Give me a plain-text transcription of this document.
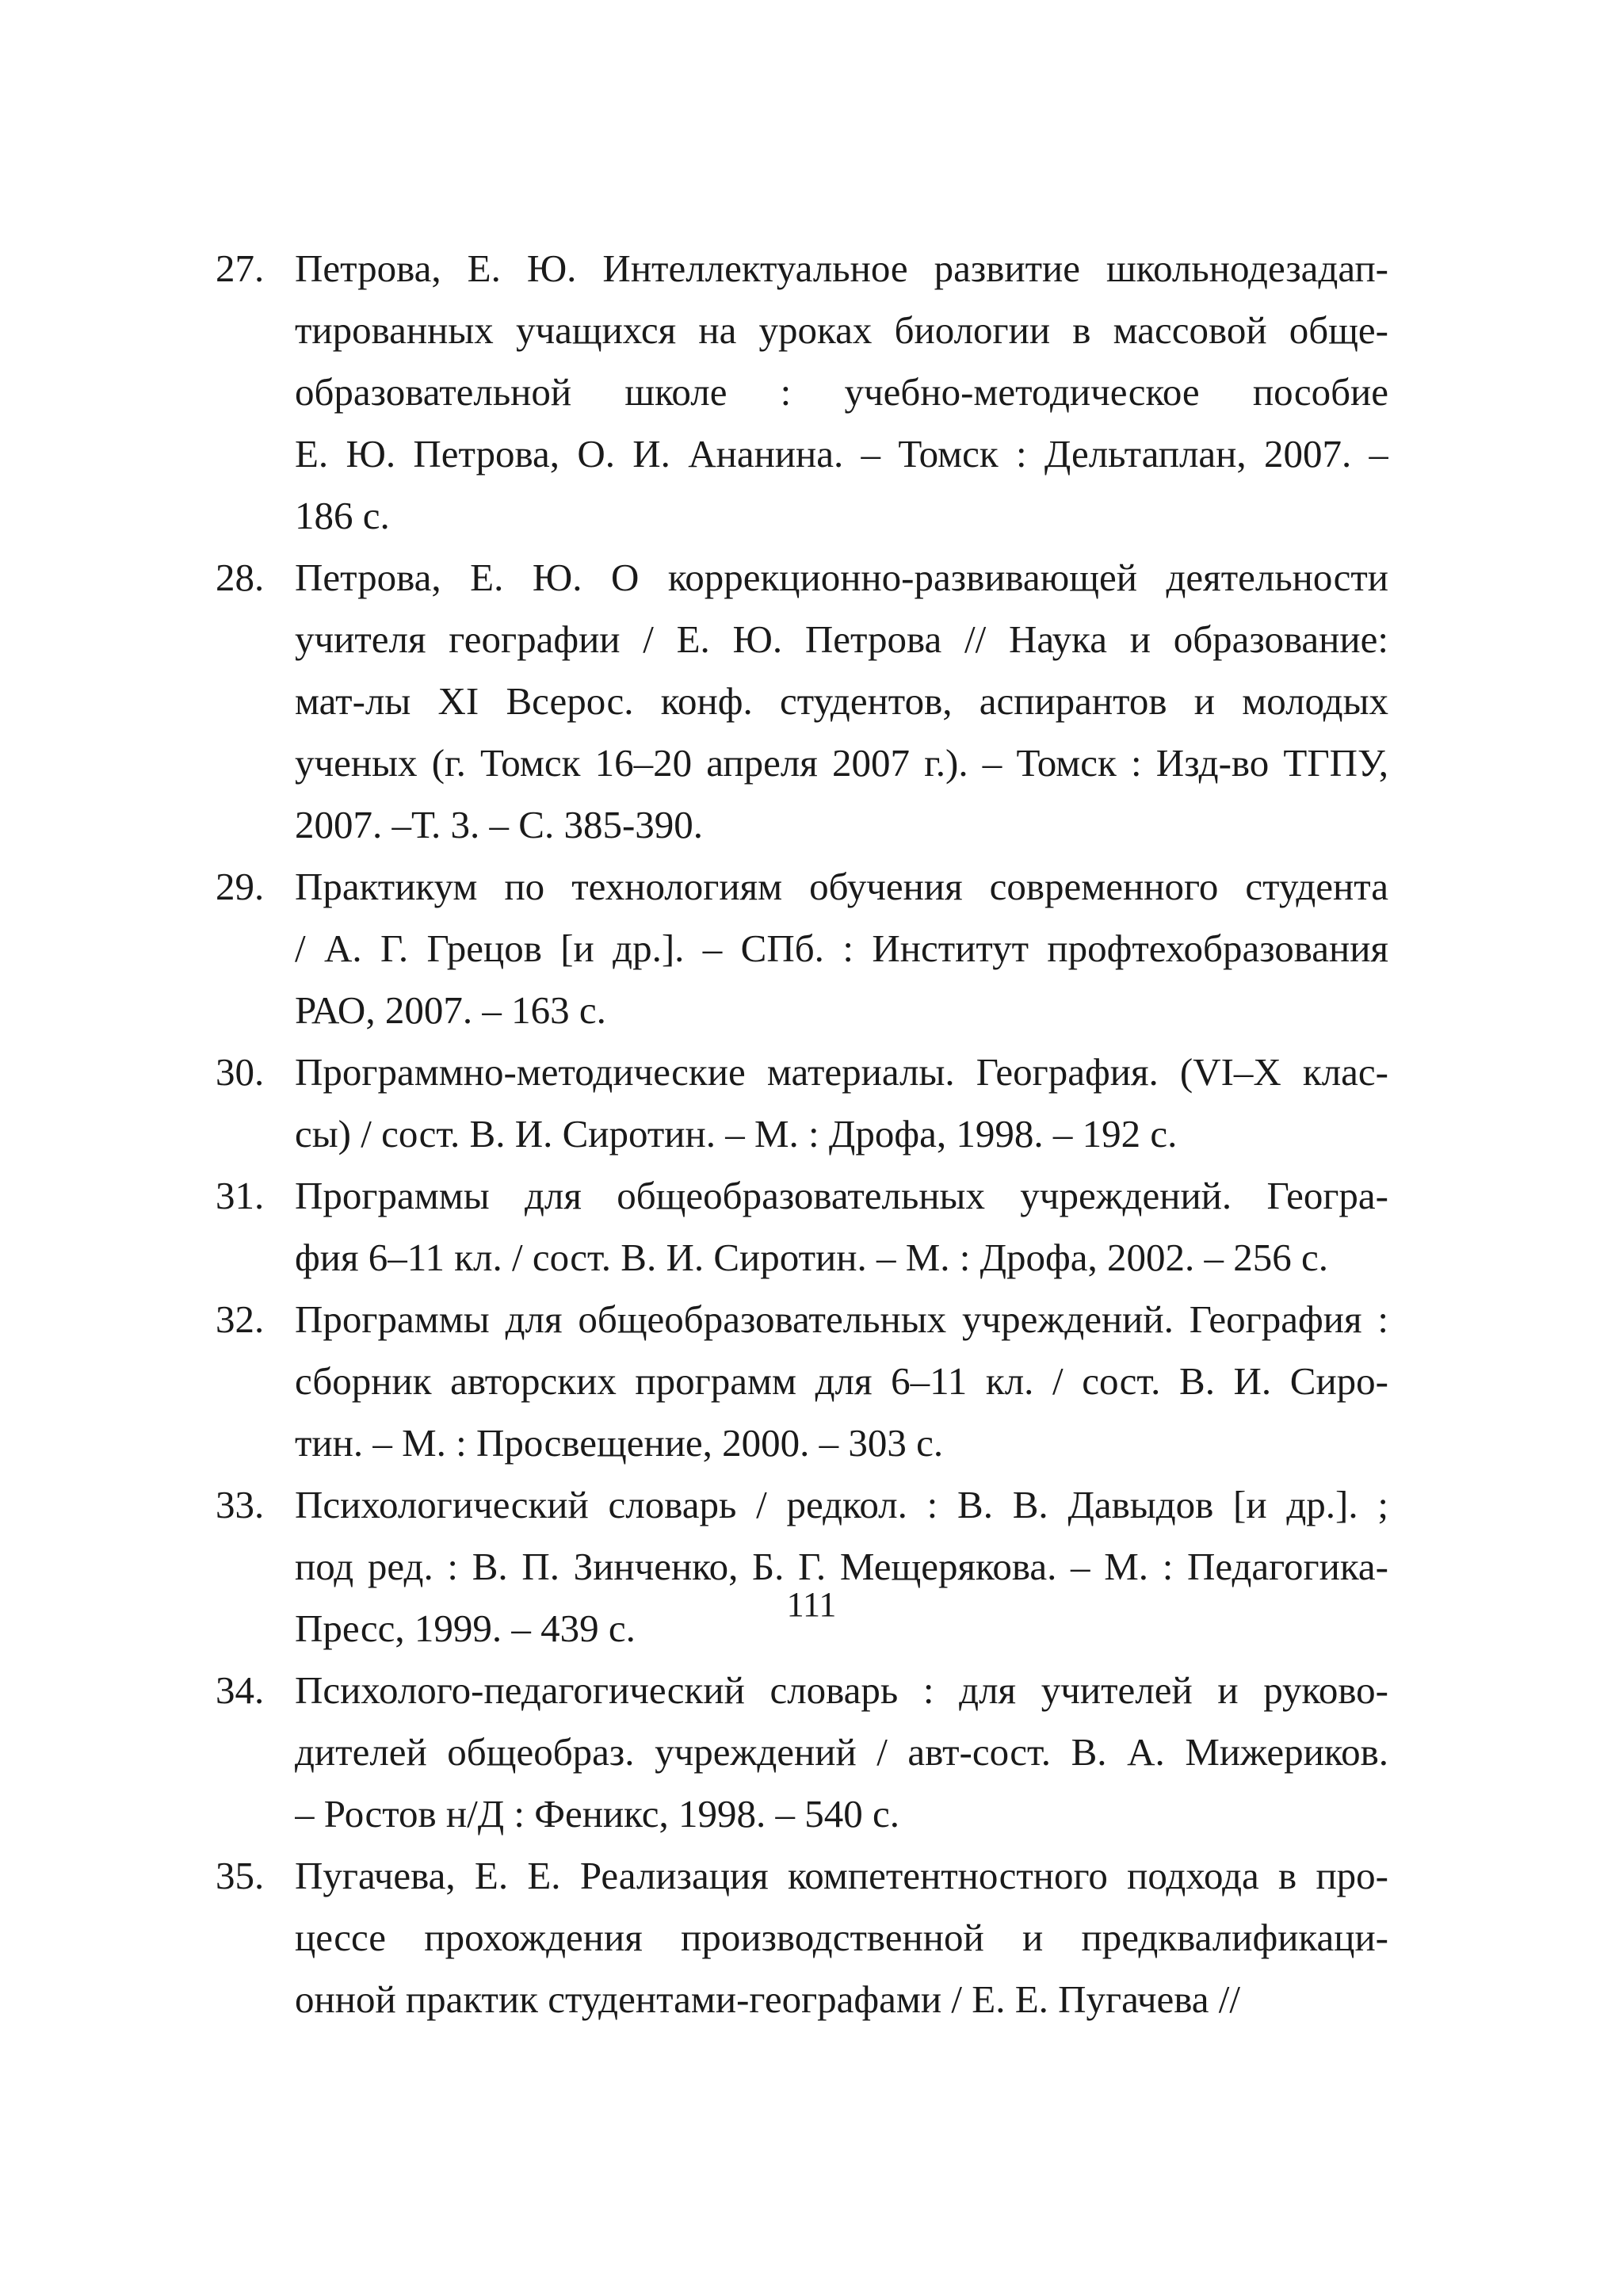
27. Петрова, Е. Ю. Интеллектуальное развитие школьнодезадап-
тированных учащихся на уроках биологии в массовой обще-
образовательной школе : учебно-методическое пособие
Е. Ю. Петрова, О. И. Ананина. – Томск : Дельтаплан, 2007. –
186 с.
28. Петрова, Е. Ю. О коррекционно-развивающей деятельности
учителя географии / Е. Ю. Петрова // Наука и образование:
мат-лы XI Всерос. конф. студентов, аспирантов и молодых
ученых (г. Томск 16–20 апреля 2007 г.). – Томск : Изд-во ТГПУ,
2007. –Т. 3. – С. 385-390.
29. Практикум по технологиям обучения современного студента
/ А. Г. Грецов [и др.]. – СПб. : Институт профтехобразования
РАО, 2007. – 163 с.
30. Программно-методические материалы. География. (VI–X клас-
сы) / сост. В. И. Сиротин. – М. : Дрофа, 1998. – 192 с.
31. Программы для общеобразовательных учреждений. Геогра-
фия 6–11 кл. / сост. В. И. Сиротин. – М. : Дрофа, 2002. – 256 с.
32. Программы для общеобразовательных учреждений. География :
сборник авторских программ для 6–11 кл. / сост. В. И. Сиро-
тин. – М. : Просвещение, 2000. – 303 с.
33. Психологический словарь / редкол. : В. В. Давыдов [и др.]. ;
под ред. : В. П. Зинченко, Б. Г. Мещерякова. – М. : Педагогика-
Пресс, 1999. – 439 с.
34. Психолого-педагогический словарь : для учителей и руково-
дителей общеобраз. учреждений / авт-сост. В. А. Мижериков.
– Ростов н/Д : Феникс, 1998. – 540 с.
35. Пугачева, Е. Е. Реализация компетентностного подхода в про-
цессе прохождения производственной и предквалификаци-
онной практик студентами-географами / Е. Е. Пугачева //
111
